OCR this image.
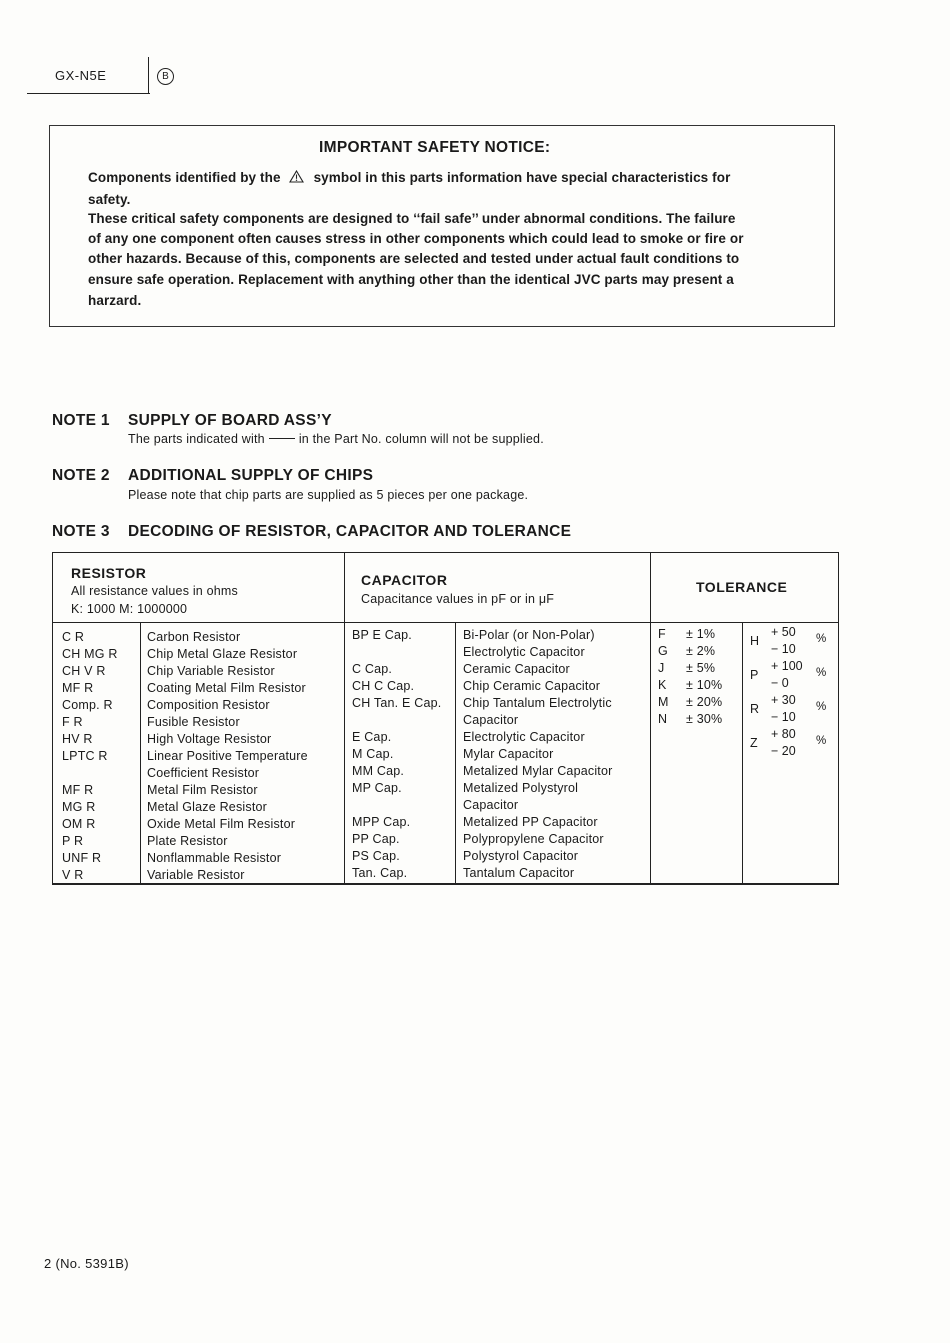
GX-N5E	B
IMPORTANT SAFETY NOTICE:
Components identified by the symbol in this parts information have special characteristics for
safety.
These critical safety components are designed to ‘‘fail safe’’ under abnormal conditions. The failure
of any one component often causes stress in other components which could lead to smoke or fire or
other hazards. Because of this, components are selected and tested under actual fault conditions to
ensure safe operation. Replacement with anything other than the identical JVC parts may present a
harzard.
NOTE 1 SUPPLY OF BOARD ASS’Y
The parts indicated with	in the Part No. column will not be supplied.
NOTE 2 ADDITIONAL SUPPLY OF CHIPS
Please note that chip parts are supplied as 5 pieces per one package.
NOTE 3 DECODING OF RESISTOR, CAPACITOR AND TOLERANCE
RESISTOR
All resistance values in ohms
K: 1000 M: 1000000
CAPACITOR
Capacitance values in pF or in μF
TOLERANCE
C R
CH MG R
CH V R
MF R
Comp. R
F R
HV R
LPTC R

MF R
MG R
OM R
P R
UNF R
V R
Carbon Resistor
Chip Metal Glaze Resistor
Chip Variable Resistor
Coating Metal Film Resistor
Composition Resistor
Fusible Resistor
High Voltage Resistor
Linear Positive Temperature
Coefficient Resistor
Metal Film Resistor
Metal Glaze Resistor
Oxide Metal Film Resistor
Plate Resistor
Nonflammable Resistor
Variable Resistor
BP E Cap.

C Cap.
CH C Cap.
CH Tan. E Cap.

E Cap.
M Cap.
MM Cap.
MP Cap.

MPP Cap.
PP Cap.
PS Cap.
Tan. Cap.
Bi-Polar (or Non-Polar)
Electrolytic Capacitor
Ceramic Capacitor
Chip Ceramic Capacitor
Chip Tantalum Electrolytic
Capacitor
Electrolytic Capacitor
Mylar Capacitor
Metalized Mylar Capacitor
Metalized Polystyrol
Capacitor
Metalized PP Capacitor
Polypropylene Capacitor
Polystyrol Capacitor
Tantalum Capacitor
F
G
J
K
M
N
± 1%
± 2%
± 5%
± 10%
± 20%
± 30%
H
+ 50
− 10
%
P
+ 100
− 0
%
R
+ 30
− 10
%
Z
+ 80
− 20
%
2 (No. 5391B)
